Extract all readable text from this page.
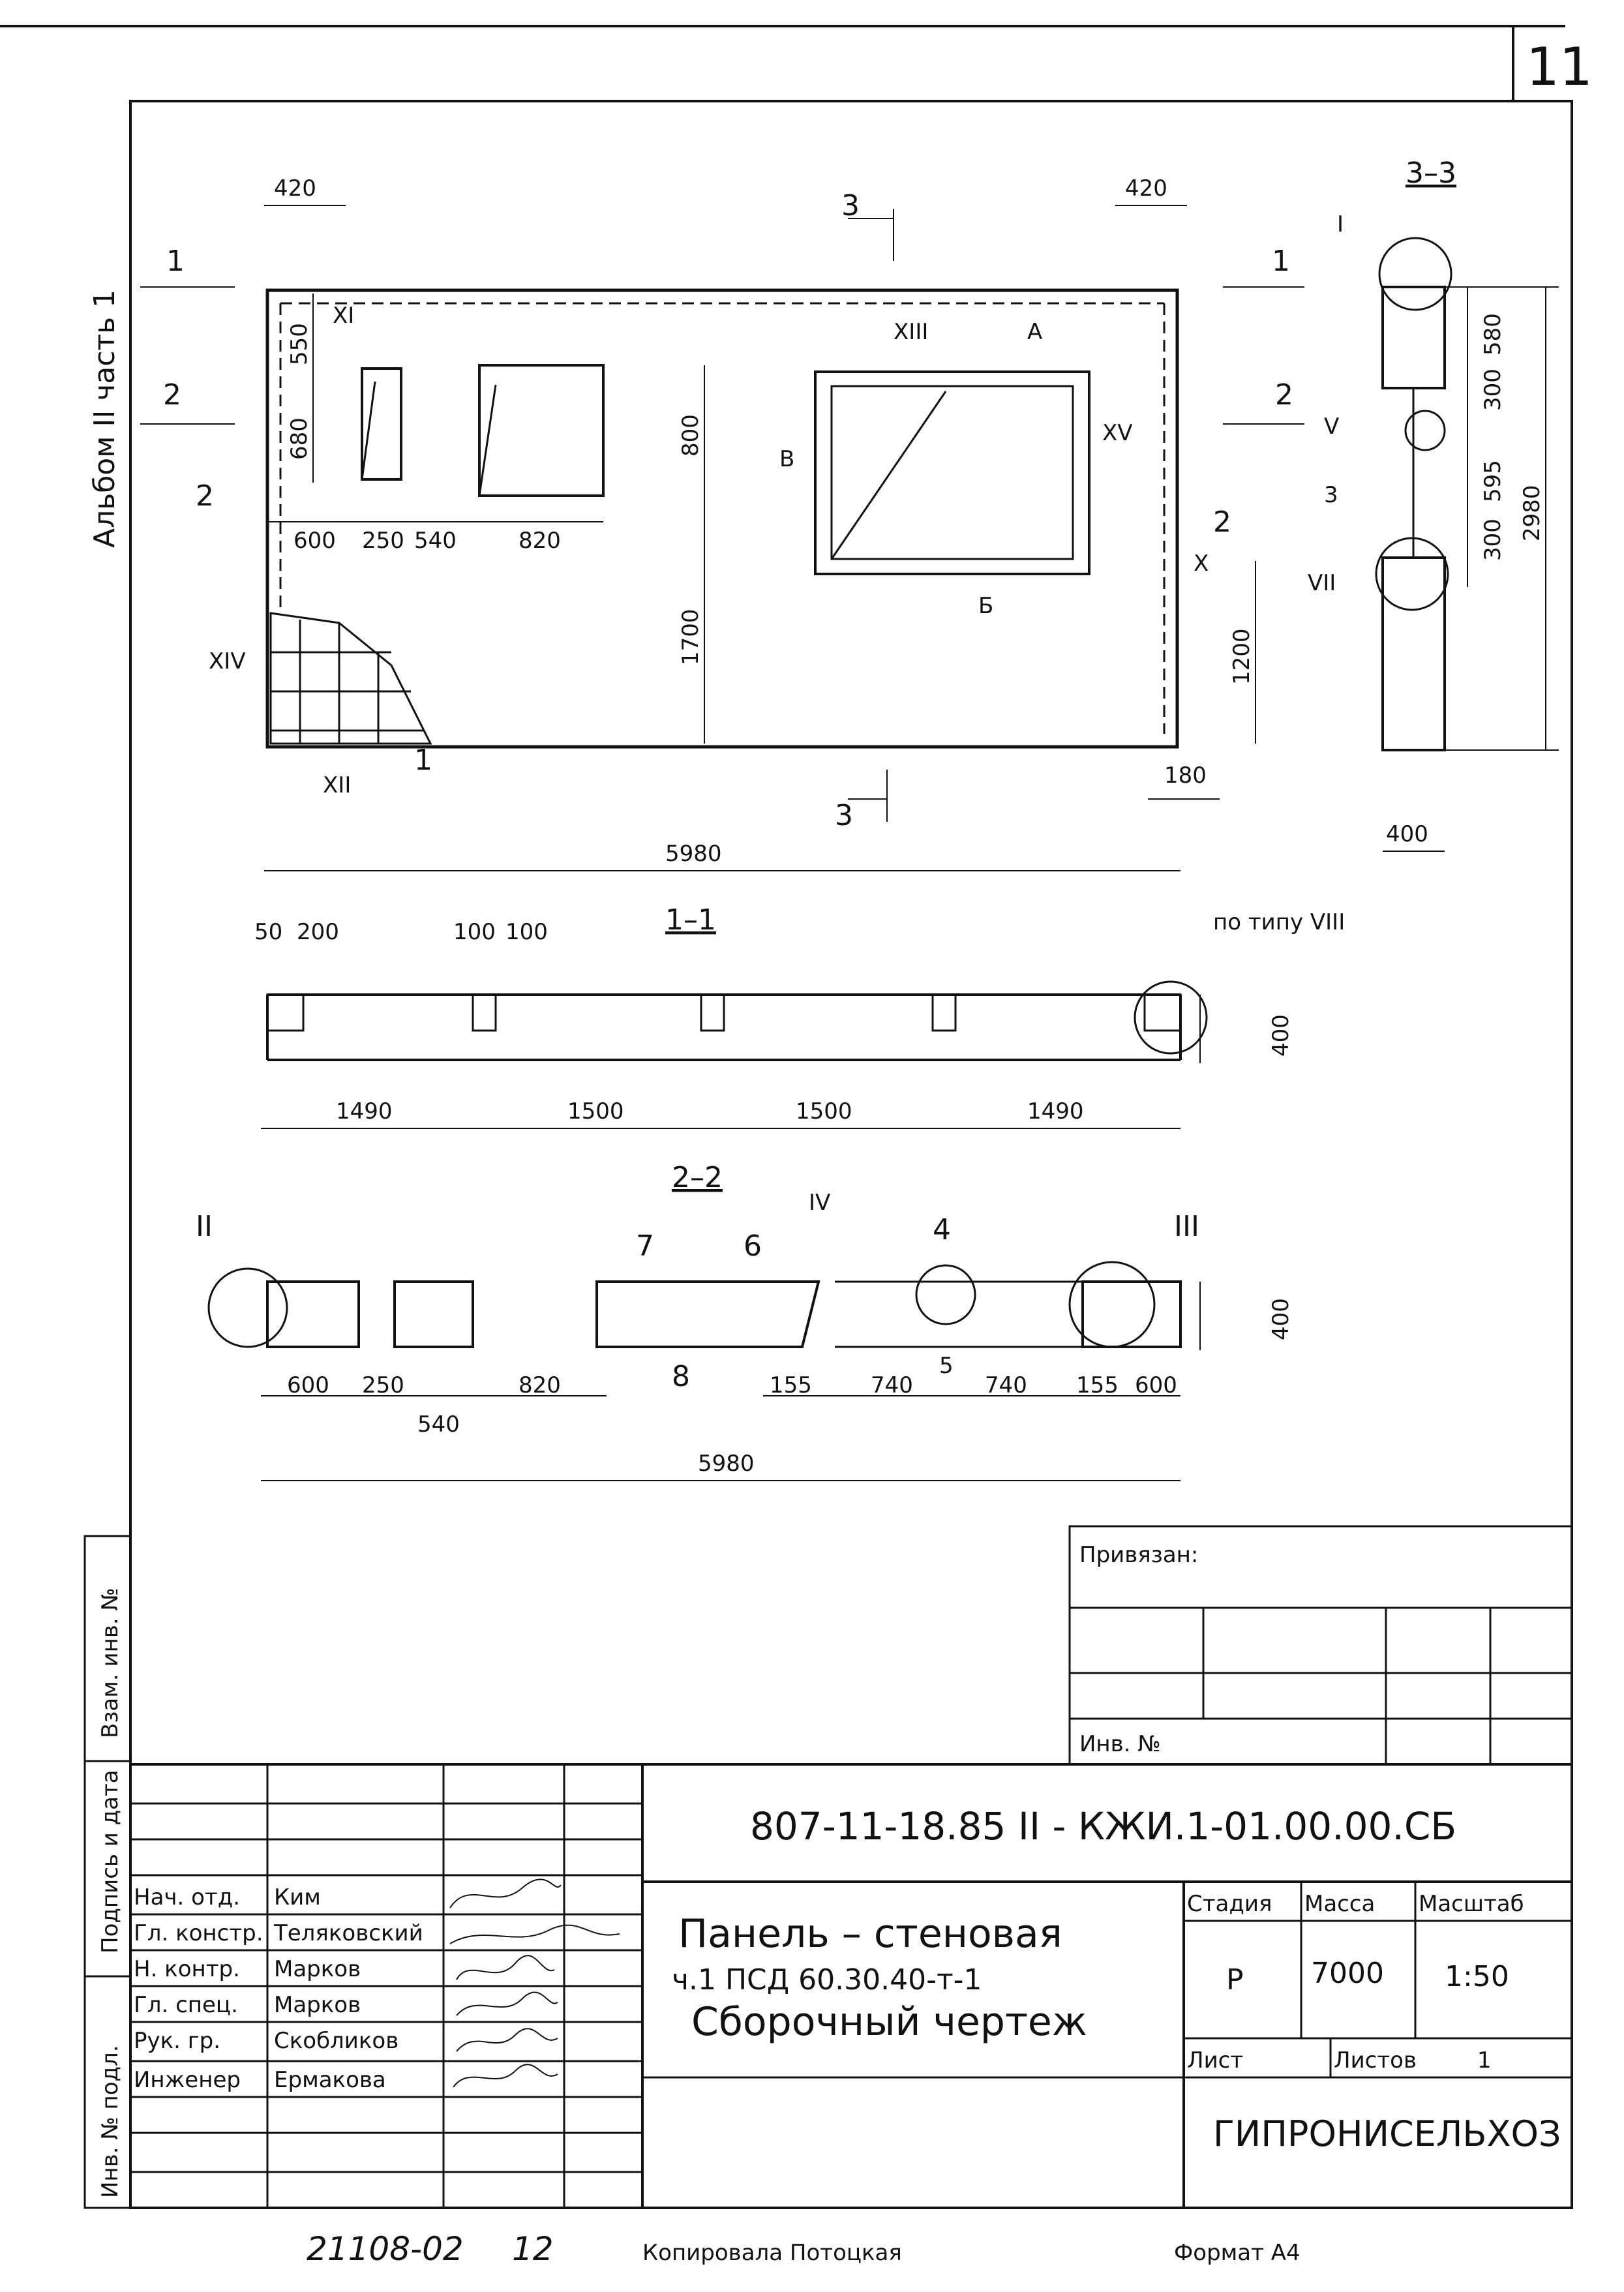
11
Альбом II часть 1
Взам. инв. №
Подпись и дата
Инв. № подл.
420	420
550
680
600 250 540	820
800
1700	1200
180
5980
1	1
2	2
3
3
XI
XIII
XV
X
XIV
XII
А
Б
В
2
2
1
3–3
580
300
595
300 2980
400
I
V
3
VII
1–1	по типу VIII
50 200	100 100
1490	1500	1500	1490
400
2–2
II
IV
III
4
5
6
7
8
600 250
540
820	155	740	740 155 600
400
5980
Привязан:
Инв. №
807-11-18.85 II - КЖИ.1-01.00.00.СБ
Панель – стеновая
ч.1 ПСД 60.30.40-т-1
Сборочный чертеж
Стадия Масса Масштаб
Р 7000 1:50
Лист	Листов	1
ГИПРОНИСЕЛЬХОЗ
Нач. отд. Ким
Гл. констр. Теляковский
Н. контр. Марков
Гл. спец. Марков
Рук. гр. Скобликов
Инженер Ермакова
21108-02 12	Копировала Потоцкая	Формат А4
